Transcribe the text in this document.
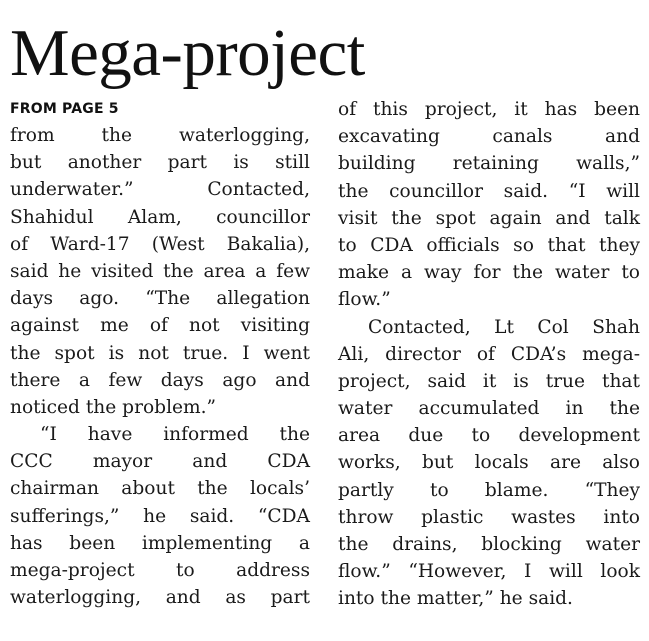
Mega-project
FROM PAGE 5
from the waterlogging,
but another part is still
underwater.” Contacted,
Shahidul Alam, councillor
of Ward-17 (West Bakalia),
said he visited the area a few
days ago. “The allegation
against me of not visiting
the spot is not true. I went
there a few days ago and
noticed the problem.”
“I have informed the
CCC mayor and CDA
chairman about the locals’
sufferings,” he said. “CDA
has been implementing a
mega-project to address
waterlogging, and as part
of this project, it has been
excavating canals and
building retaining walls,”
the councillor said. “I will
visit the spot again and talk
to CDA officials so that they
make a way for the water to
flow.”
Contacted, Lt Col Shah
Ali, director of CDA’s mega-
project, said it is true that
water accumulated in the
area due to development
works, but locals are also
partly to blame. “They
throw plastic wastes into
the drains, blocking water
flow.” “However, I will look
into the matter,” he said.
